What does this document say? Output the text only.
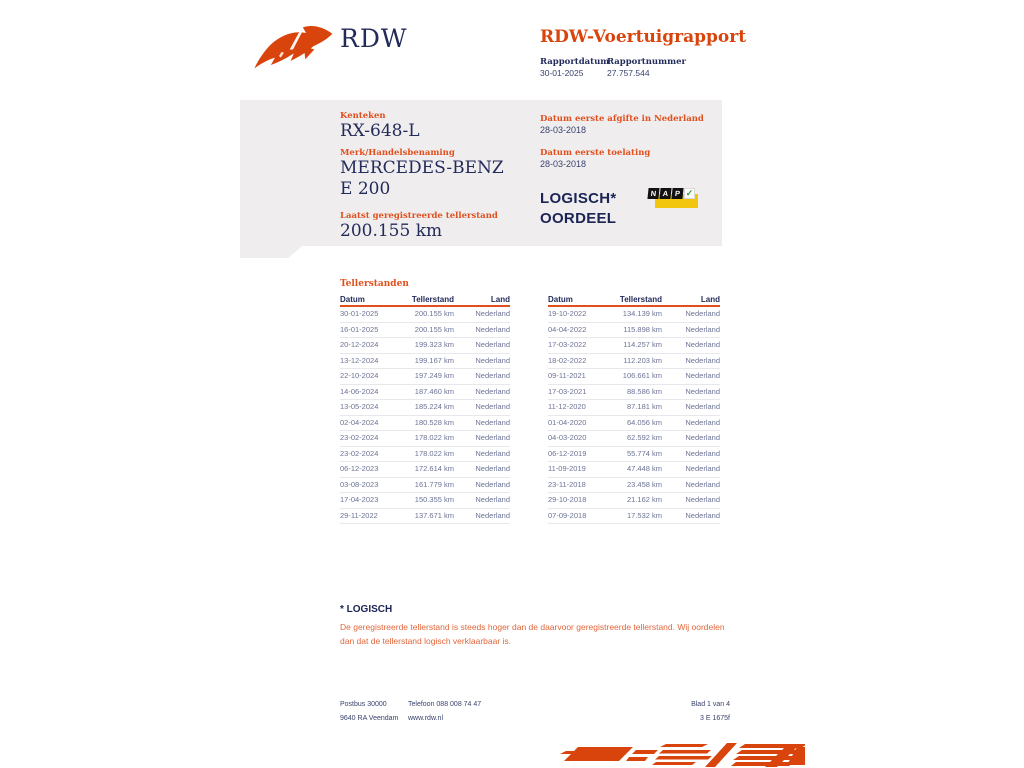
RDW	RDW-Voertuigrapport
Rapportdatum
30-01-2025
Rapportnummer
27.757.544
Kenteken
RX-648-L
Merk/Handelsbenaming
MERCEDES-BENZ E 200
Laatst geregistreerde tellerstand
200.155 km
Datum eerste afgifte in Nederland
28-03-2018
Datum eerste toelating
28-03-2018
LOGISCH*
OORDEEL
N A P ✓
Tellerstanden
Datum	Tellerstand	Land
30-01-2025	200.155 km	Nederland
16-01-2025	200.155 km	Nederland
20-12-2024	199.323 km	Nederland
13-12-2024	199.167 km	Nederland
22-10-2024	197.249 km	Nederland
14-06-2024	187.460 km	Nederland
13-05-2024	185.224 km	Nederland
02-04-2024	180.528 km	Nederland
23-02-2024	178.022 km	Nederland
23-02-2024	178.022 km	Nederland
06-12-2023	172.614 km	Nederland
03-08-2023	161.779 km	Nederland
17-04-2023	150.355 km	Nederland
29-11-2022	137.671 km	Nederland
Datum	Tellerstand	Land
19-10-2022	134.139 km	Nederland
04-04-2022	115.898 km	Nederland
17-03-2022	114.257 km	Nederland
18-02-2022	112.203 km	Nederland
09-11-2021	106.661 km	Nederland
17-03-2021	88.586 km	Nederland
11-12-2020	87.181 km	Nederland
01-04-2020	64.056 km	Nederland
04-03-2020	62.592 km	Nederland
06-12-2019	55.774 km	Nederland
11-09-2019	47.448 km	Nederland
23-11-2018	23.458 km	Nederland
29-10-2018	21.162 km	Nederland
07-09-2018	17.532 km	Nederland
* LOGISCH
De geregistreerde tellerstand is steeds hoger dan de daarvoor geregistreerde tellerstand. Wij oordelen dan dat de tellerstand logisch verklaarbaar is.
Postbus 30000
9640 RA Veendam
Telefoon 088 008 74 47
www.rdw.nl
Blad 1 van 4
3 E 1675f
